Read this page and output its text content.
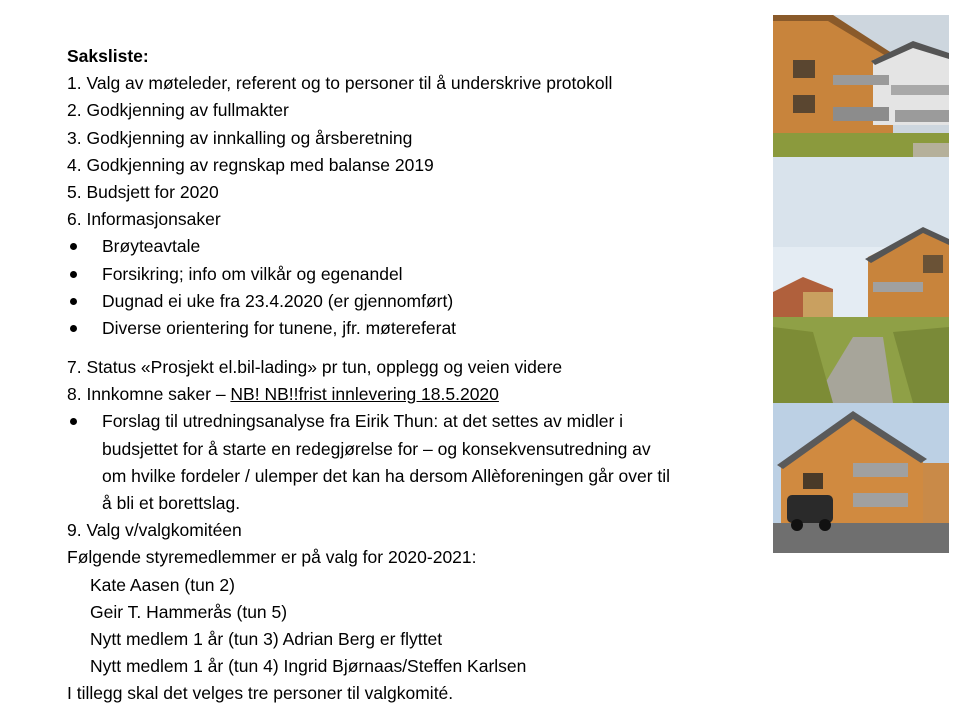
Saksliste:
1. Valg av møteleder, referent og to personer til å underskrive protokoll
2. Godkjenning av fullmakter
3. Godkjenning av innkalling og årsberetning
4. Godkjenning av regnskap med balanse 2019
5. Budsjett for 2020
6. Informasjonsaker
Brøyteavtale
Forsikring; info om vilkår og egenandel
Dugnad ei uke fra 23.4.2020 (er gjennomført)
Diverse orientering for tunene, jfr. møtereferat
7. Status «Prosjekt el.bil-lading» pr tun, opplegg og veien videre
8. Innkomne saker – NB! NB!!frist innlevering 18.5.2020
Forslag til utredningsanalyse fra Eirik Thun: at det settes av midler i
budsjettet for å starte en redegjørelse for – og konsekvensutredning av
om hvilke fordeler / ulemper det kan ha dersom Allèforeningen går over til
å bli et borettslag.
9. Valg v/valgkomitéen
Følgende styremedlemmer er på valg for 2020-2021:
Kate Aasen (tun 2)
Geir T. Hammerås (tun 5)
Nytt medlem 1 år (tun 3) Adrian Berg er flyttet
Nytt medlem 1 år (tun 4) Ingrid Bjørnaas/Steffen Karlsen
I tillegg skal det velges tre personer til valgkomité.
